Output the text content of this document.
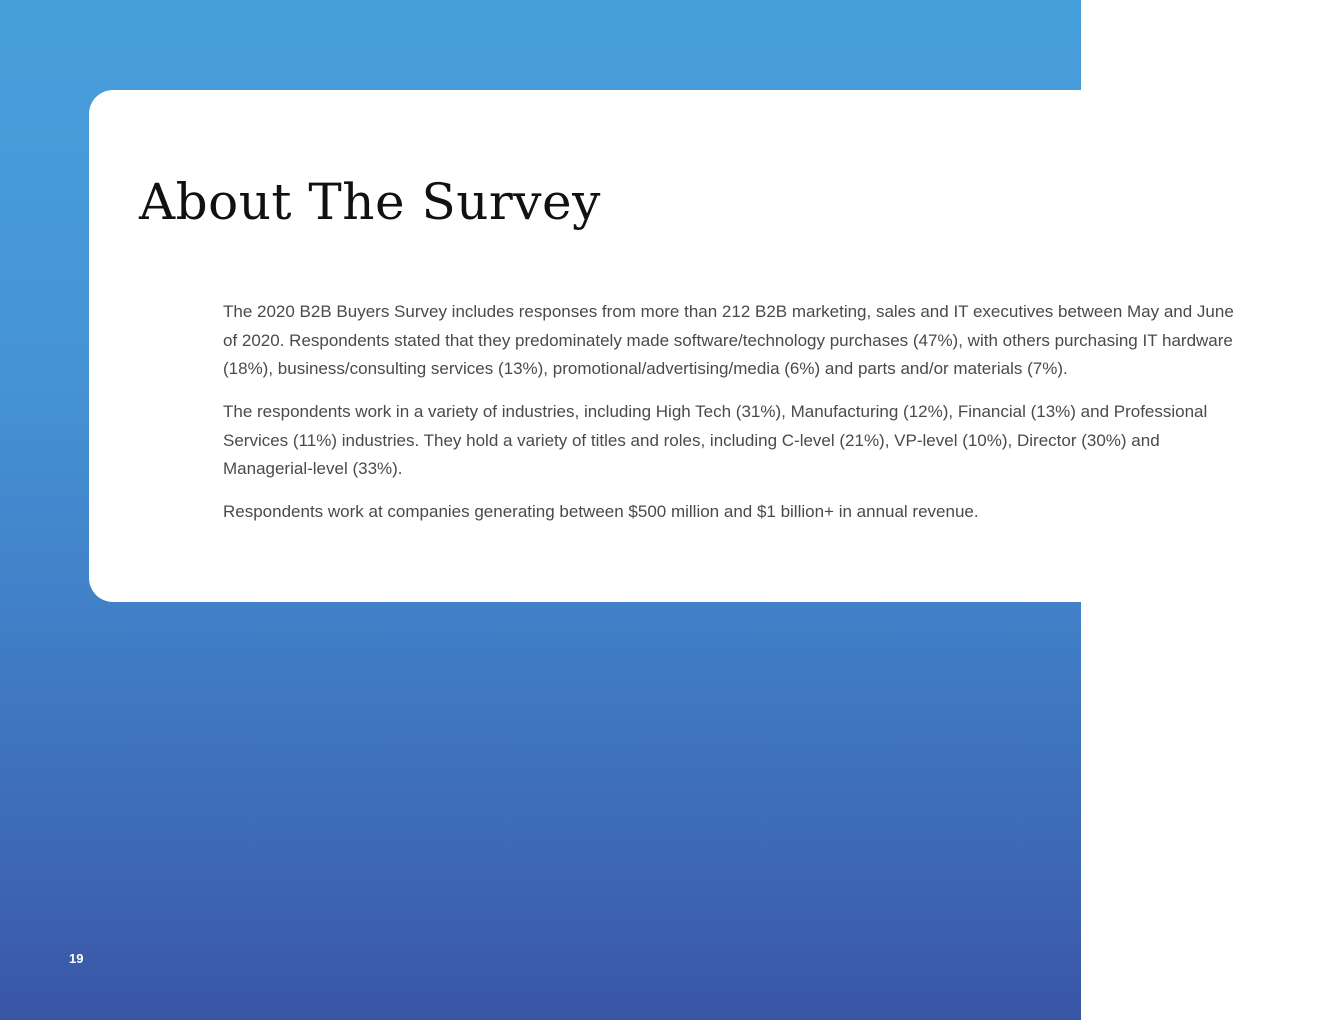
About The Survey

The 2020 B2B Buyers Survey includes responses from more than 212 B2B marketing, sales and IT executives between May and June of 2020. Respondents stated that they predominately made software/technology purchases (47%), with others purchasing IT hardware (18%), business/consulting services (13%), promotional/advertising/media (6%) and parts and/or materials (7%).

The respondents work in a variety of industries, including High Tech (31%), Manufacturing (12%), Financial (13%) and Professional Services (11%) industries. They hold a variety of titles and roles, including C-level (21%), VP-level (10%), Director (30%) and Managerial-level (33%).

Respondents work at companies generating between $500 million and $1 billion+ in annual revenue.

19
